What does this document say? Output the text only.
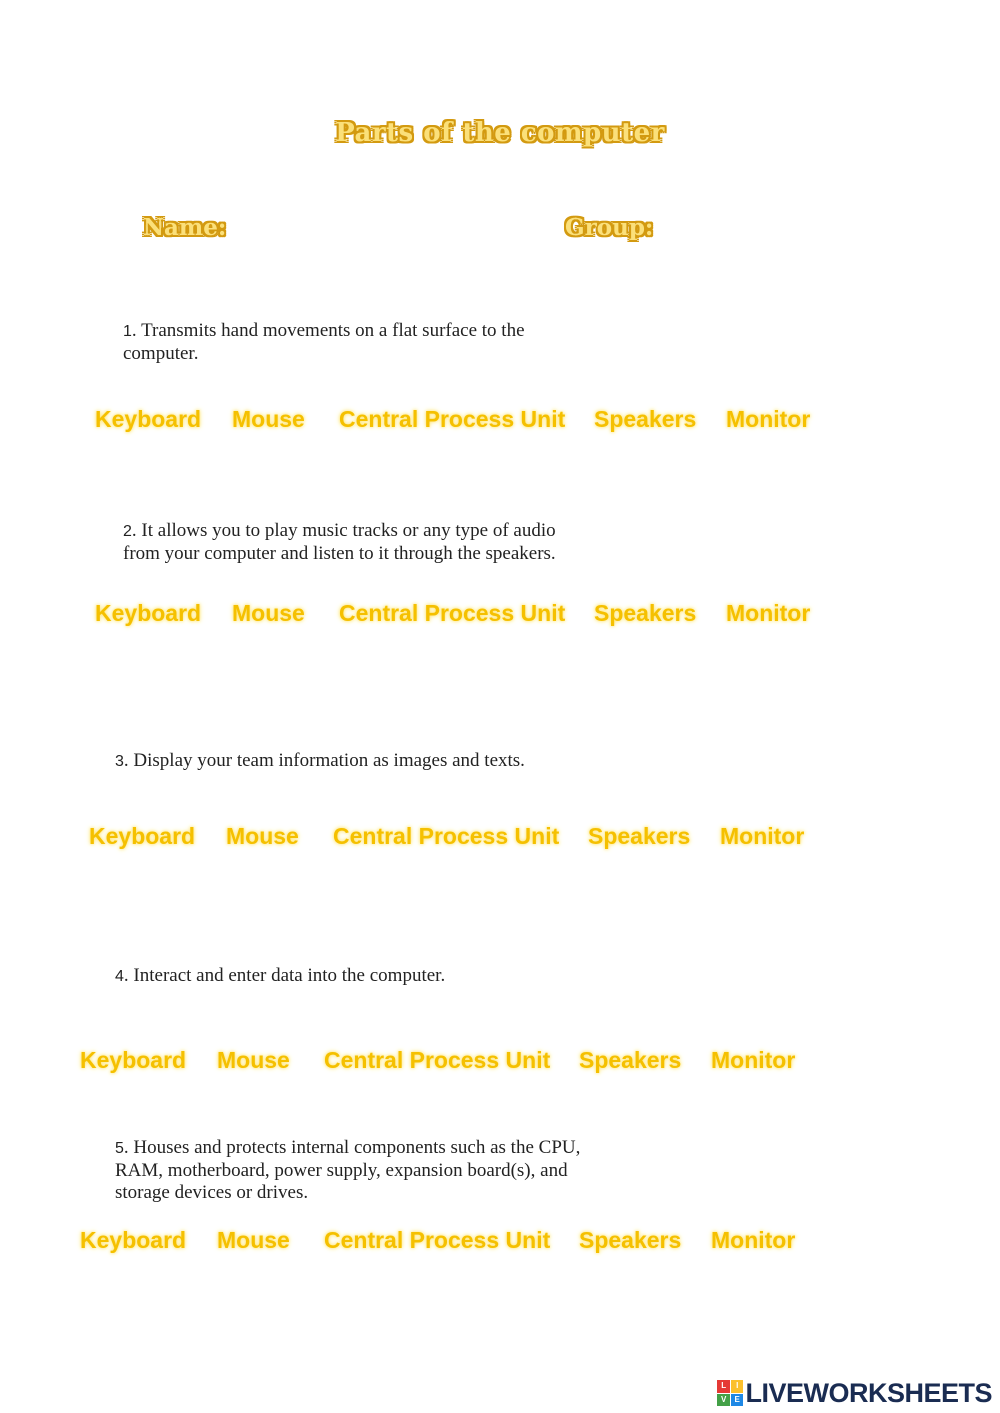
Parts of the computer
Name:	Group:
1. Transmits hand movements on a flat surface to the
computer.
Keyboard Mouse Central Process Unit Speakers Monitor
2. It allows you to play music tracks or any type of audio
from your computer and listen to it through the speakers.
Keyboard Mouse Central Process Unit Speakers Monitor
3. Display your team information as images and texts.
Keyboard Mouse Central Process Unit Speakers Monitor
4. Interact and enter data into the computer.
Keyboard Mouse Central Process Unit Speakers Monitor
5. Houses and protects internal components such as the CPU,
RAM, motherboard, power supply, expansion board(s), and
storage devices or drives.
Keyboard Mouse Central Process Unit Speakers Monitor
L	I
V	E LIVEWORKSHEETS
